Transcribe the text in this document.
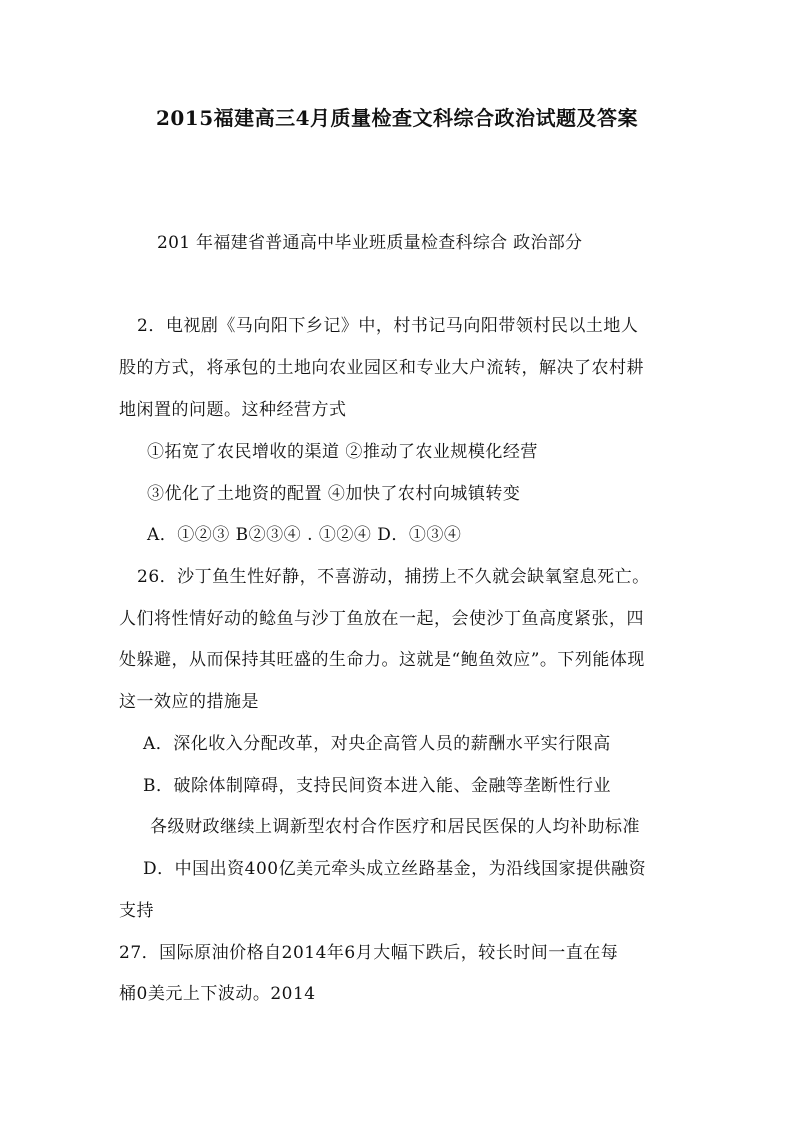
2015福建高三4月质量检查文科综合政治试题及答案
201 年福建省普通高中毕业班质量检查科综合 政治部分
2．电视剧《马向阳下乡记》中，村书记马向阳带领村民以土地人
股的方式，将承包的土地向农业园区和专业大户流转，解决了农村耕
地闲置的问题。这种经营方式
①拓宽了农民增收的渠道 ②推动了农业规模化经营
③优化了土地资的配置 ④加快了农村向城镇转变
A．①②③ B②③④ . ①②④ D．①③④
26．沙丁鱼生性好静，不喜游动，捕捞上不久就会缺氧窒息死亡。
人们将性情好动的鲶鱼与沙丁鱼放在一起，会使沙丁鱼高度紧张，四
处躲避，从而保持其旺盛的生命力。这就是“鲍鱼效应”。下列能体现
这一效应的措施是
A．深化收入分配改革，对央企高管人员的薪酬水平实行限高
B．破除体制障碍，支持民间资本进入能、金融等垄断性行业
各级财政继续上调新型农村合作医疗和居民医保的人均补助标准
D．中国出资400亿美元牵头成立丝路基金，为沿线国家提供融资
支持
27．国际原油价格自2014年6月大幅下跌后，较长时间一直在每
桶0美元上下波动。2014
